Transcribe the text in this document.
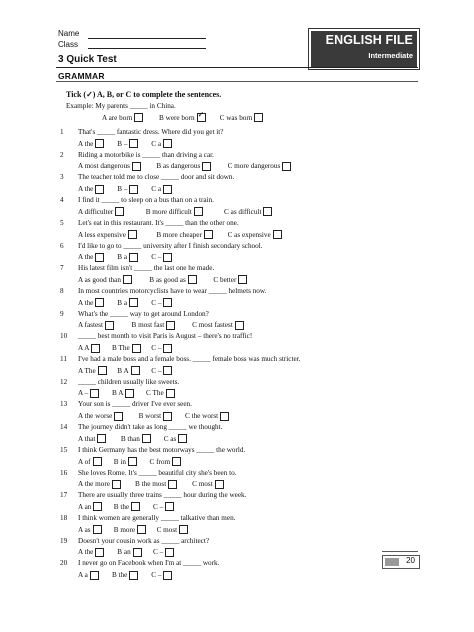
Name
Class	ENGLISH FILE
Intermediate
3 Quick Test
GRAMMAR
Tick (✓) A, B, or C to complete the sentences.
Example: My parents _____ in China.
A are born	B were born
✓	C was born
1	That's _____ fantastic dress. Where did you get it?
A the	B –	C a
2	Riding a motorbike is _____ than driving a car.
A most dangerous	B as dangerous	C more dangerous
3	The teacher told me to close _____ door and sit down.
A the	B –	C a
4	I find it _____ to sleep on a bus than on a train.
A difficulter	B more difficult	C as difficult
5	Let's eat in this restaurant. It's _____ than the other one.
A less expensive	B more cheaper	C as expensive
6	I'd like to go to _____ university after I finish secondary school.
A the	B a	C –
7	His latest film isn't _____ the last one he made.
A as good than	B as good as	C better
8	In most countries motorcyclists have to wear _____ helmets now.
A the	B a	C –
9	What's the _____ way to get around London?
A fastest	B most fast	C most fastest
10	_____ best month to visit Paris is August – there's no traffic!
A A	B The	C –
11	I've had a male boss and a female boss. _____ female boss was much stricter.
A The	B A	C –
12	_____ children usually like sweets.
A –	B A	C The
13	Your son is _____ driver I've ever seen.
A the worse	B worst	C the worst
14	The journey didn't take as long _____ we thought.
A that	B than	C as
15	I think Germany has the best motorways _____ the world.
A of	B in	C from
16	She loves Rome. It's _____ beautiful city she's been to.
A the more	B the most	C most
17	There are usually three trains _____ hour during the week.
A an	B the	C –
18	I think women are generally _____ talkative than men.
A as	B more	C most
19	Doesn't your cousin work as _____ architect?
A the	B an	C –
20	I never go on Facebook when I'm at _____ work.
A a	B the	C –
20
